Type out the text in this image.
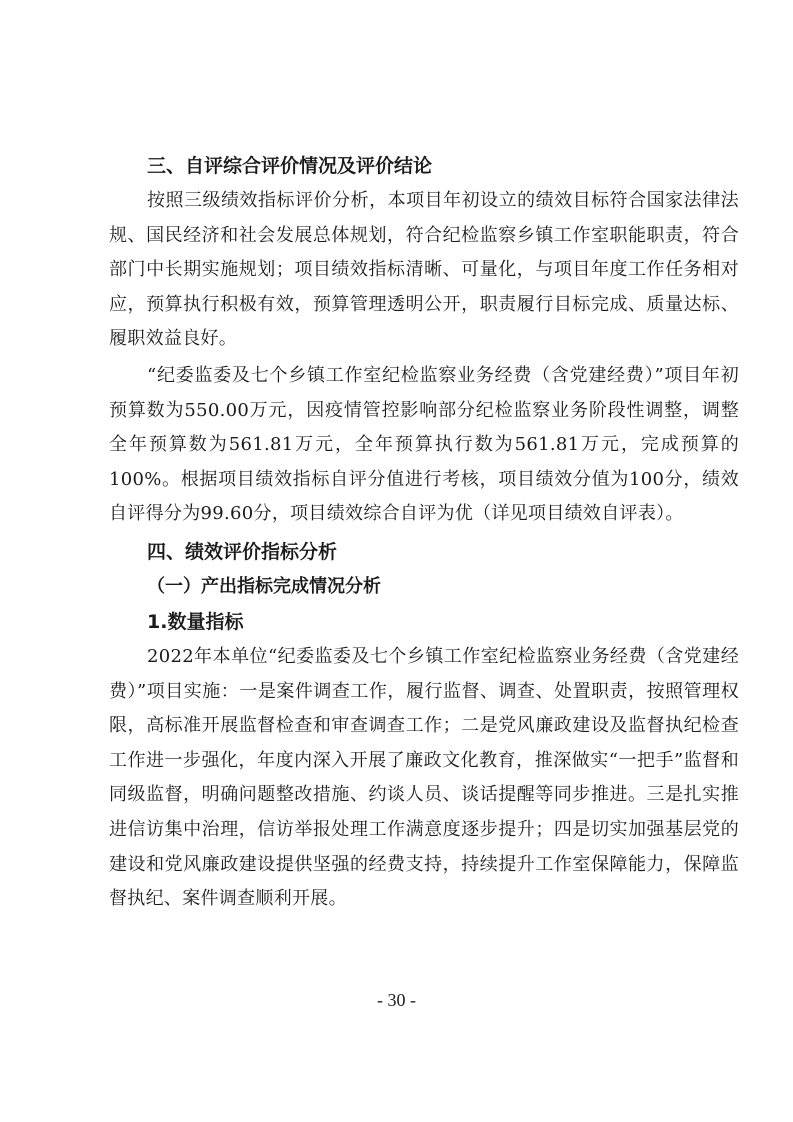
三、自评综合评价情况及评价结论

按照三级绩效指标评价分析，本项目年初设立的绩效目标符合国家法律法规、国民经济和社会发展总体规划，符合纪检监察乡镇工作室职能职责，符合部门中长期实施规划；项目绩效指标清晰、可量化，与项目年度工作任务相对应，预算执行积极有效，预算管理透明公开，职责履行目标完成、质量达标、履职效益良好。

“纪委监委及七个乡镇工作室纪检监察业务经费（含党建经费）”项目年初预算数为550.00万元，因疫情管控影响部分纪检监察业务阶段性调整，调整全年预算数为561.81万元，全年预算执行数为561.81万元，完成预算的100%。根据项目绩效指标自评分值进行考核，项目绩效分值为100分，绩效自评得分为99.60分，项目绩效综合自评为优（详见项目绩效自评表）。

四、绩效评价指标分析
（一）产出指标完成情况分析
1.数量指标

2022年本单位“纪委监委及七个乡镇工作室纪检监察业务经费（含党建经费）”项目实施：一是案件调查工作，履行监督、调查、处置职责，按照管理权限，高标准开展监督检查和审查调查工作；二是党风廉政建设及监督执纪检查工作进一步强化，年度内深入开展了廉政文化教育，推深做实“一把手”监督和同级监督，明确问题整改措施、约谈人员、谈话提醒等同步推进。三是扎实推进信访集中治理，信访举报处理工作满意度逐步提升；四是切实加强基层党的建设和党风廉政建设提供坚强的经费支持，持续提升工作室保障能力，保障监督执纪、案件调查顺利开展。

- 30 -
